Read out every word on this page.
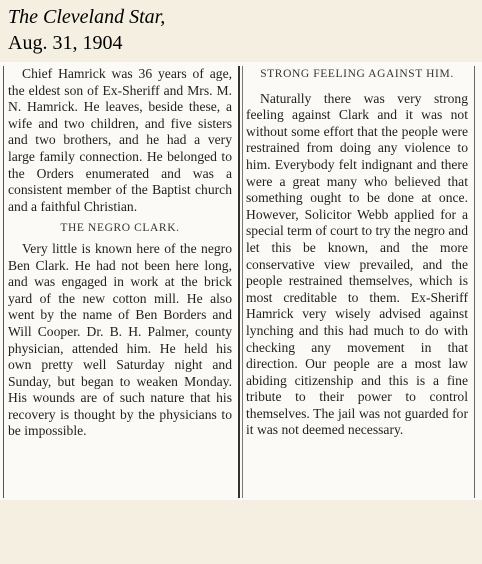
The Cleveland Star,
Aug. 31, 1904

Chief Hamrick was 36 years of age, the eldest son of Ex-Sheriff and Mrs. M. N. Hamrick. He leaves, beside these, a wife and two children, and five sisters and two brothers, and he had a very large family connection. He belonged to the Orders enumerated and was a consistent member of the Baptist church and a faithful Christian.

THE NEGRO CLARK.

Very little is known here of the negro Ben Clark. He had not been here long, and was engaged in work at the brick yard of the new cotton mill. He also went by the name of Ben Borders and Will Cooper. Dr. B. H. Palmer, county physician, attended him. He held his own pretty well Saturday night and Sunday, but began to weaken Monday. His wounds are of such nature that his recovery is thought by the physicians to be impossible.

STRONG FEELING AGAINST HIM.

Naturally there was very strong feeling against Clark and it was not without some effort that the people were restrained from doing any violence to him. Everybody felt indignant and there were a great many who believed that something ought to be done at once. However, Solicitor Webb applied for a special term of court to try the negro and let this be known, and the more conservative view prevailed, and the people restrained themselves, which is most creditable to them. Ex-Sheriff Hamrick very wisely advised against lynching and this had much to do with checking any movement in that direction. Our people are a most law abiding citizenship and this is a fine tribute to their power to control themselves. The jail was not guarded for it was not deemed necessary.
